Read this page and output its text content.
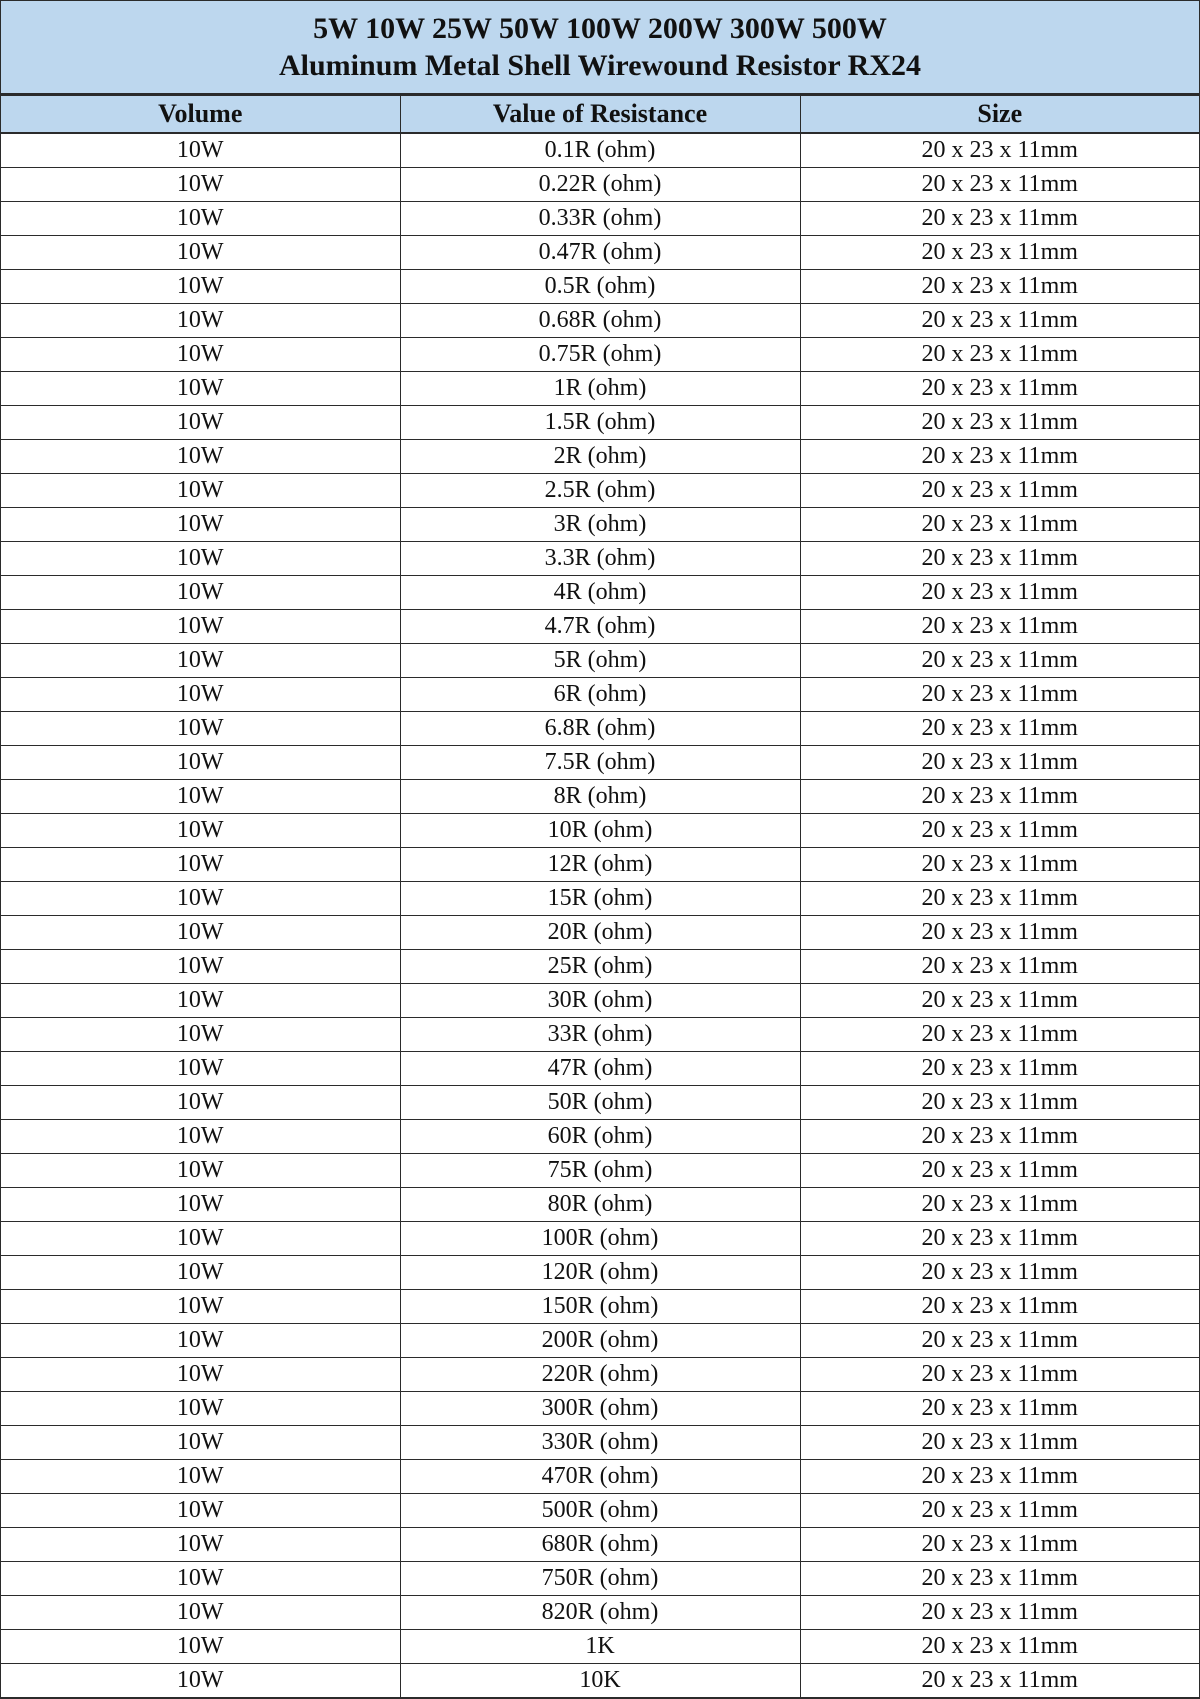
5W 10W 25W 50W 100W 200W 300W 500W
Aluminum Metal Shell Wirewound Resistor RX24
Volume	Value of Resistance	Size
10W	0.1R (ohm)	20 x 23 x 11mm
10W	0.22R (ohm)	20 x 23 x 11mm
10W	0.33R (ohm)	20 x 23 x 11mm
10W	0.47R (ohm)	20 x 23 x 11mm
10W	0.5R (ohm)	20 x 23 x 11mm
10W	0.68R (ohm)	20 x 23 x 11mm
10W	0.75R (ohm)	20 x 23 x 11mm
10W	1R (ohm)	20 x 23 x 11mm
10W	1.5R (ohm)	20 x 23 x 11mm
10W	2R (ohm)	20 x 23 x 11mm
10W	2.5R (ohm)	20 x 23 x 11mm
10W	3R (ohm)	20 x 23 x 11mm
10W	3.3R (ohm)	20 x 23 x 11mm
10W	4R (ohm)	20 x 23 x 11mm
10W	4.7R (ohm)	20 x 23 x 11mm
10W	5R (ohm)	20 x 23 x 11mm
10W	6R (ohm)	20 x 23 x 11mm
10W	6.8R (ohm)	20 x 23 x 11mm
10W	7.5R (ohm)	20 x 23 x 11mm
10W	8R (ohm)	20 x 23 x 11mm
10W	10R (ohm)	20 x 23 x 11mm
10W	12R (ohm)	20 x 23 x 11mm
10W	15R (ohm)	20 x 23 x 11mm
10W	20R (ohm)	20 x 23 x 11mm
10W	25R (ohm)	20 x 23 x 11mm
10W	30R (ohm)	20 x 23 x 11mm
10W	33R (ohm)	20 x 23 x 11mm
10W	47R (ohm)	20 x 23 x 11mm
10W	50R (ohm)	20 x 23 x 11mm
10W	60R (ohm)	20 x 23 x 11mm
10W	75R (ohm)	20 x 23 x 11mm
10W	80R (ohm)	20 x 23 x 11mm
10W	100R (ohm)	20 x 23 x 11mm
10W	120R (ohm)	20 x 23 x 11mm
10W	150R (ohm)	20 x 23 x 11mm
10W	200R (ohm)	20 x 23 x 11mm
10W	220R (ohm)	20 x 23 x 11mm
10W	300R (ohm)	20 x 23 x 11mm
10W	330R (ohm)	20 x 23 x 11mm
10W	470R (ohm)	20 x 23 x 11mm
10W	500R (ohm)	20 x 23 x 11mm
10W	680R (ohm)	20 x 23 x 11mm
10W	750R (ohm)	20 x 23 x 11mm
10W	820R (ohm)	20 x 23 x 11mm
10W	1K	20 x 23 x 11mm
10W	10K	20 x 23 x 11mm
